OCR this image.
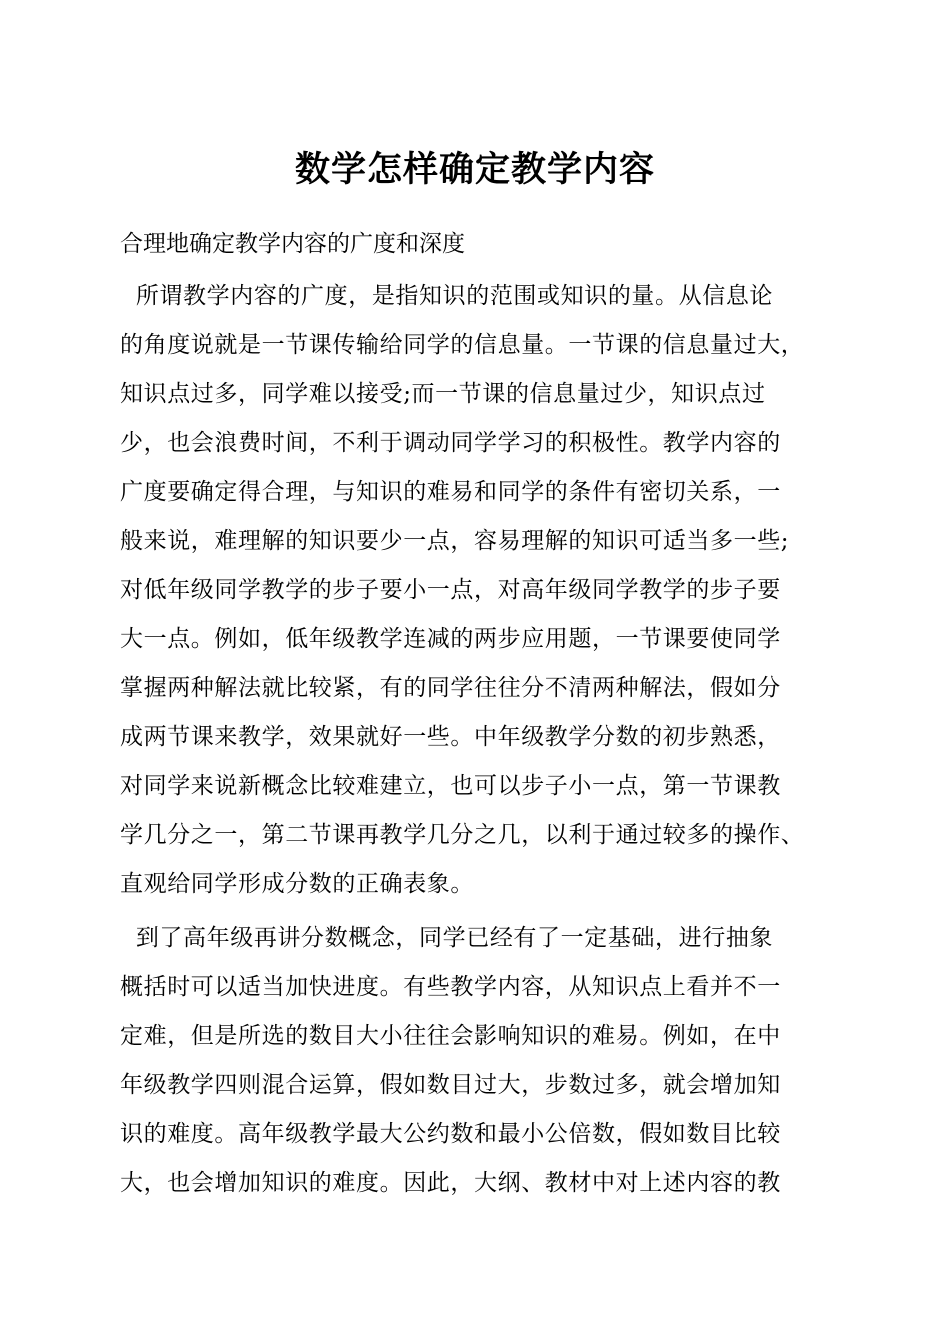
数学怎样确定教学内容
合理地确定教学内容的广度和深度
所谓教学内容的广度，是指知识的范围或知识的量。从信息论
的角度说就是一节课传输给同学的信息量。一节课的信息量过大，
知识点过多，同学难以接受;而一节课的信息量过少，知识点过
少，也会浪费时间，不利于调动同学学习的积极性。教学内容的
广度要确定得合理，与知识的难易和同学的条件有密切关系，一
般来说，难理解的知识要少一点，容易理解的知识可适当多一些;
对低年级同学教学的步子要小一点，对高年级同学教学的步子要
大一点。例如，低年级教学连减的两步应用题，一节课要使同学
掌握两种解法就比较紧，有的同学往往分不清两种解法，假如分
成两节课来教学，效果就好一些。中年级教学分数的初步熟悉，
对同学来说新概念比较难建立，也可以步子小一点，第一节课教
学几分之一，第二节课再教学几分之几，以利于通过较多的操作、
直观给同学形成分数的正确表象。
到了高年级再讲分数概念，同学已经有了一定基础，进行抽象
概括时可以适当加快进度。有些教学内容，从知识点上看并不一
定难，但是所选的数目大小往往会影响知识的难易。例如，在中
年级教学四则混合运算，假如数目过大，步数过多，就会增加知
识的难度。高年级教学最大公约数和最小公倍数，假如数目比较
大，也会增加知识的难度。因此，大纲、教材中对上述内容的教
